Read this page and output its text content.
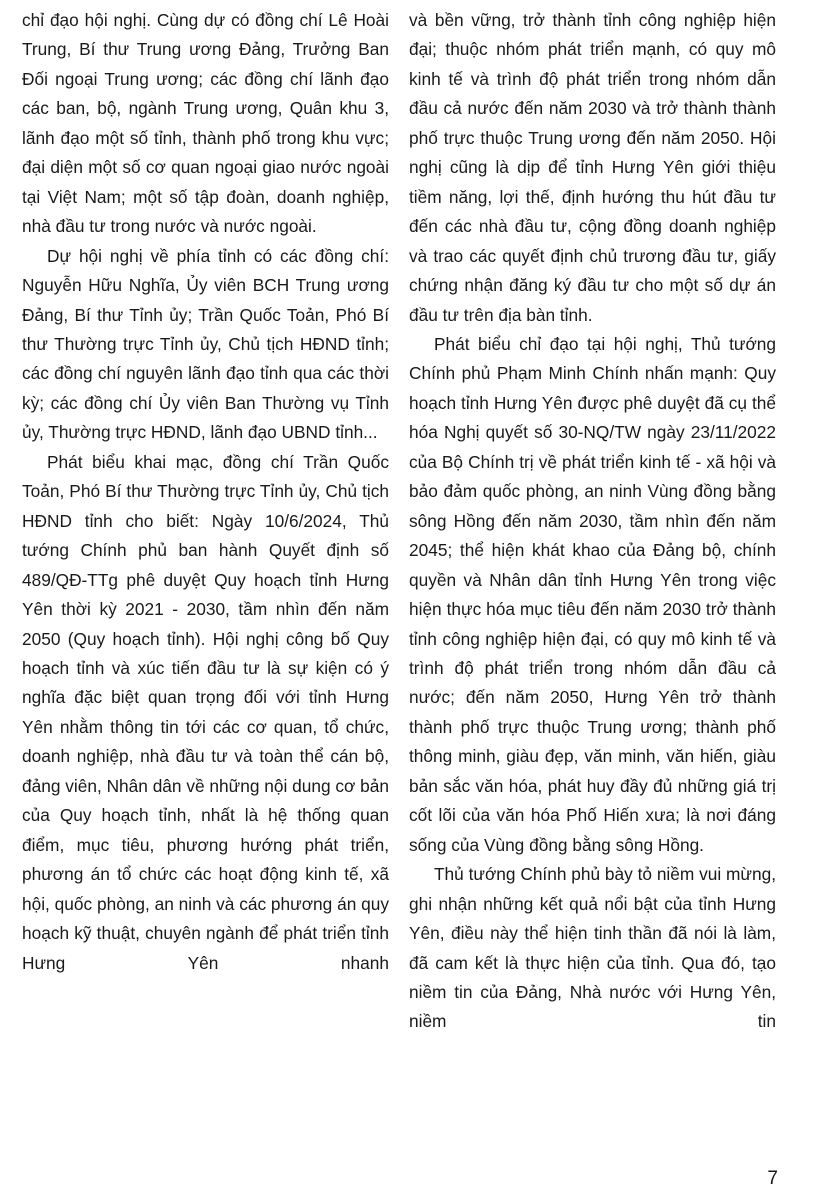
chỉ đạo hội nghị. Cùng dự có đồng chí Lê Hoài Trung, Bí thư Trung ương Đảng, Trưởng Ban Đối ngoại Trung ương; các đồng chí lãnh đạo các ban, bộ, ngành Trung ương, Quân khu 3, lãnh đạo một số tỉnh, thành phố trong khu vực; đại diện một số cơ quan ngoại giao nước ngoài tại Việt Nam; một số tập đoàn, doanh nghiệp, nhà đầu tư trong nước và nước ngoài.

Dự hội nghị về phía tỉnh có các đồng chí: Nguyễn Hữu Nghĩa, Ủy viên BCH Trung ương Đảng, Bí thư Tỉnh ủy; Trần Quốc Toản, Phó Bí thư Thường trực Tỉnh ủy, Chủ tịch HĐND tỉnh; các đồng chí nguyên lãnh đạo tỉnh qua các thời kỳ; các đồng chí Ủy viên Ban Thường vụ Tỉnh ủy, Thường trực HĐND, lãnh đạo UBND tỉnh...

Phát biểu khai mạc, đồng chí Trần Quốc Toản, Phó Bí thư Thường trực Tỉnh ủy, Chủ tịch HĐND tỉnh cho biết: Ngày 10/6/2024, Thủ tướng Chính phủ ban hành Quyết định số 489/QĐ-TTg phê duyệt Quy hoạch tỉnh Hưng Yên thời kỳ 2021 - 2030, tầm nhìn đến năm 2050 (Quy hoạch tỉnh). Hội nghị công bố Quy hoạch tỉnh và xúc tiến đầu tư là sự kiện có ý nghĩa đặc biệt quan trọng đối với tỉnh Hưng Yên nhằm thông tin tới các cơ quan, tổ chức, doanh nghiệp, nhà đầu tư và toàn thể cán bộ, đảng viên, Nhân dân về những nội dung cơ bản của Quy hoạch tỉnh, nhất là hệ thống quan điểm, mục tiêu, phương hướng phát triển, phương án tổ chức các hoạt động kinh tế, xã hội, quốc phòng, an ninh và các phương án quy hoạch kỹ thuật, chuyên ngành để phát triển tỉnh Hưng Yên nhanh

và bền vững, trở thành tỉnh công nghiệp hiện đại; thuộc nhóm phát triển mạnh, có quy mô kinh tế và trình độ phát triển trong nhóm dẫn đầu cả nước đến năm 2030 và trở thành thành phố trực thuộc Trung ương đến năm 2050. Hội nghị cũng là dịp để tỉnh Hưng Yên giới thiệu tiềm năng, lợi thế, định hướng thu hút đầu tư đến các nhà đầu tư, cộng đồng doanh nghiệp và trao các quyết định chủ trương đầu tư, giấy chứng nhận đăng ký đầu tư cho một số dự án đầu tư trên địa bàn tỉnh.

Phát biểu chỉ đạo tại hội nghị, Thủ tướng Chính phủ Phạm Minh Chính nhấn mạnh: Quy hoạch tỉnh Hưng Yên được phê duyệt đã cụ thể hóa Nghị quyết số 30-NQ/TW ngày 23/11/2022 của Bộ Chính trị về phát triển kinh tế - xã hội và bảo đảm quốc phòng, an ninh Vùng đồng bằng sông Hồng đến năm 2030, tầm nhìn đến năm 2045; thể hiện khát khao của Đảng bộ, chính quyền và Nhân dân tỉnh Hưng Yên trong việc hiện thực hóa mục tiêu đến năm 2030 trở thành tỉnh công nghiệp hiện đại, có quy mô kinh tế và trình độ phát triển trong nhóm dẫn đầu cả nước; đến năm 2050, Hưng Yên trở thành thành phố trực thuộc Trung ương; thành phố thông minh, giàu đẹp, văn minh, văn hiến, giàu bản sắc văn hóa, phát huy đầy đủ những giá trị cốt lõi của văn hóa Phố Hiến xưa; là nơi đáng sống của Vùng đồng bằng sông Hồng.

Thủ tướng Chính phủ bày tỏ niềm vui mừng, ghi nhận những kết quả nổi bật của tỉnh Hưng Yên, điều này thể hiện tinh thần đã nói là làm, đã cam kết là thực hiện của tỉnh. Qua đó, tạo niềm tin của Đảng, Nhà nước với Hưng Yên, niềm tin

7
